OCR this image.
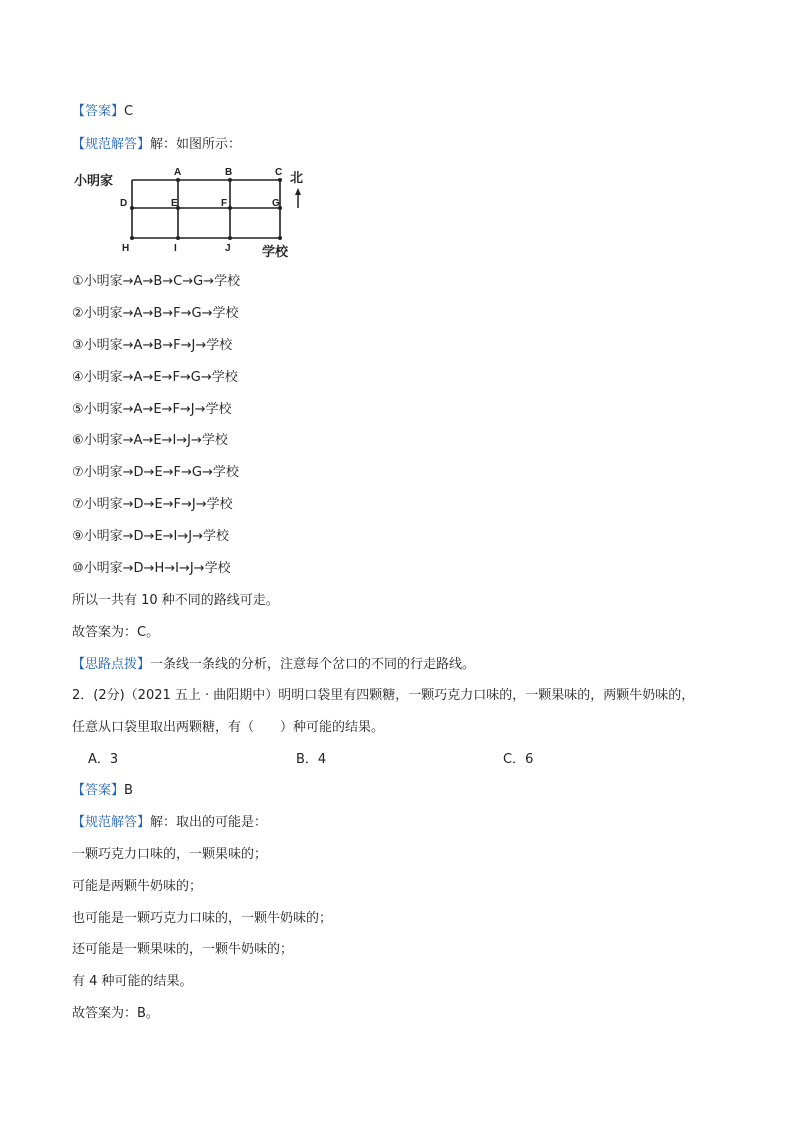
【答案】C
【规范解答】解：如图所示：
小明家
A	B	C
D	E	F	G
H	I	J 学校
北
①小明家→A→B→C→G→学校
②小明家→A→B→F→G→学校
③小明家→A→B→F→J→学校
④小明家→A→E→F→G→学校
⑤小明家→A→E→F→J→学校
⑥小明家→A→E→I→J→学校
⑦小明家→D→E→F→G→学校
⑦小明家→D→E→F→J→学校
⑨小明家→D→E→I→J→学校
⑩小明家→D→H→I→J→学校
所以一共有 10 种不同的路线可走。
故答案为：C。
【思路点拨】一条线一条线的分析，注意每个岔口的不同的行走路线。
2．(2分)（2021 五上 · 曲阳期中）明明口袋里有四颗糖，一颗巧克力口味的，一颗果味的，两颗牛奶味的，
任意从口袋里取出两颗糖，有（　　）种可能的结果。
A．3	B．4	C．6
【答案】B
【规范解答】解：取出的可能是：
一颗巧克力口味的，一颗果味的；
可能是两颗牛奶味的；
也可能是一颗巧克力口味的，一颗牛奶味的；
还可能是一颗果味的，一颗牛奶味的；
有 4 种可能的结果。
故答案为：B。
